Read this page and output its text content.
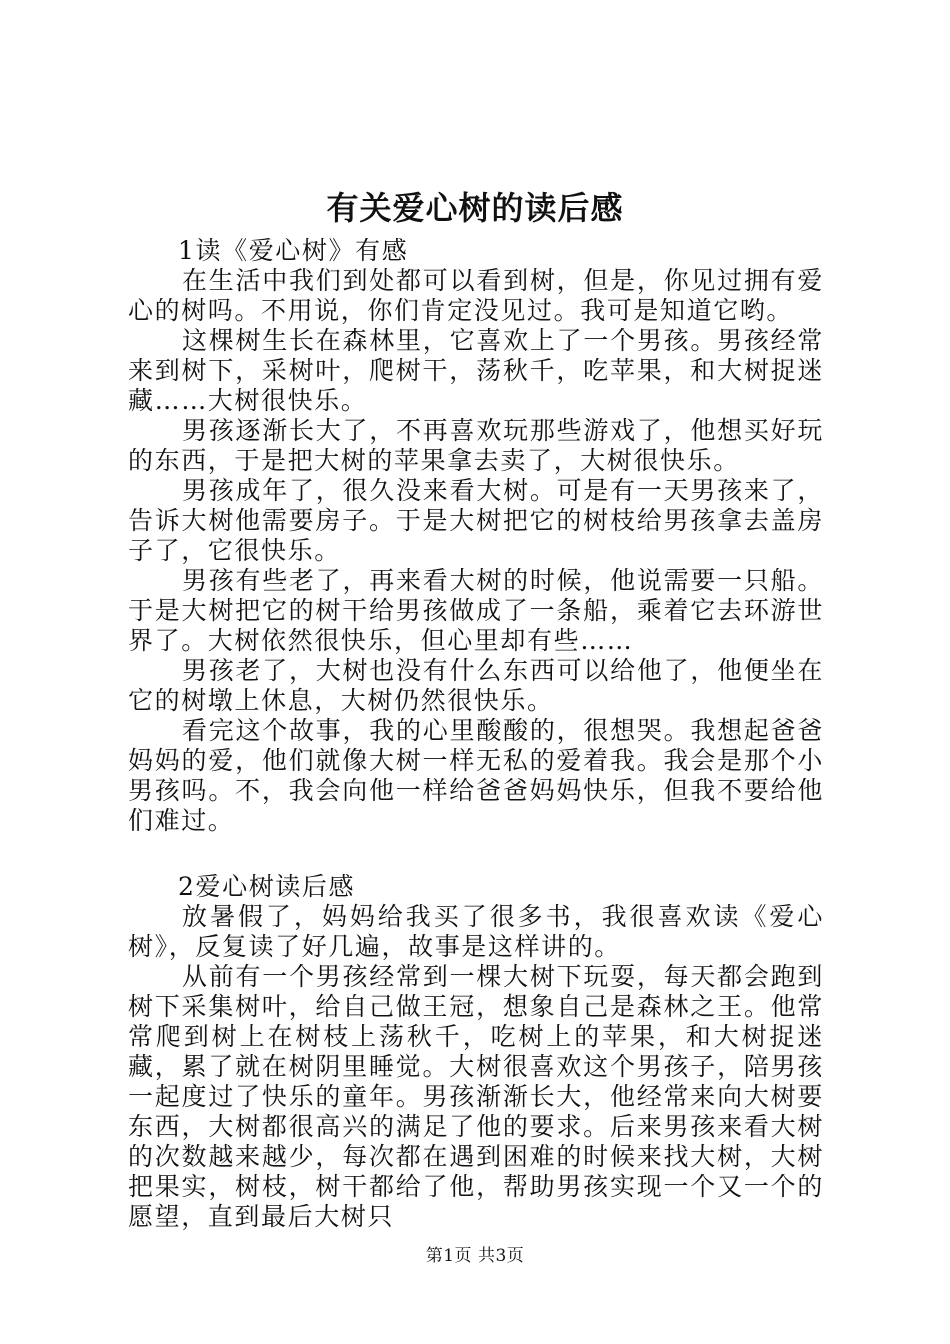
有关爱心树的读后感

1读《爱心树》有感

在生活中我们到处都可以看到树，但是，你见过拥有爱心的树吗。不用说，你们肯定没见过。我可是知道它哟。

这棵树生长在森林里，它喜欢上了一个男孩。男孩经常来到树下，采树叶，爬树干，荡秋千，吃苹果，和大树捉迷藏……大树很快乐。

男孩逐渐长大了，不再喜欢玩那些游戏了，他想买好玩的东西，于是把大树的苹果拿去卖了，大树很快乐。

男孩成年了，很久没来看大树。可是有一天男孩来了，告诉大树他需要房子。于是大树把它的树枝给男孩拿去盖房子了，它很快乐。

男孩有些老了，再来看大树的时候，他说需要一只船。于是大树把它的树干给男孩做成了一条船，乘着它去环游世界了。大树依然很快乐，但心里却有些……

男孩老了，大树也没有什么东西可以给他了，他便坐在它的树墩上休息，大树仍然很快乐。

看完这个故事，我的心里酸酸的，很想哭。我想起爸爸妈妈的爱，他们就像大树一样无私的爱着我。我会是那个小男孩吗。不，我会向他一样给爸爸妈妈快乐，但我不要给他们难过。

2爱心树读后感

放暑假了，妈妈给我买了很多书，我很喜欢读《爱心树》，反复读了好几遍，故事是这样讲的。

从前有一个男孩经常到一棵大树下玩耍，每天都会跑到树下采集树叶，给自己做王冠，想象自己是森林之王。他常常爬到树上在树枝上荡秋千，吃树上的苹果，和大树捉迷藏，累了就在树阴里睡觉。大树很喜欢这个男孩子，陪男孩一起度过了快乐的童年。男孩渐渐长大，他经常来向大树要东西，大树都很高兴的满足了他的要求。后来男孩来看大树的次数越来越少，每次都在遇到困难的时候来找大树，大树把果实，树枝，树干都给了他，帮助男孩实现一个又一个的愿望，直到最后大树只

第1页 共3页
